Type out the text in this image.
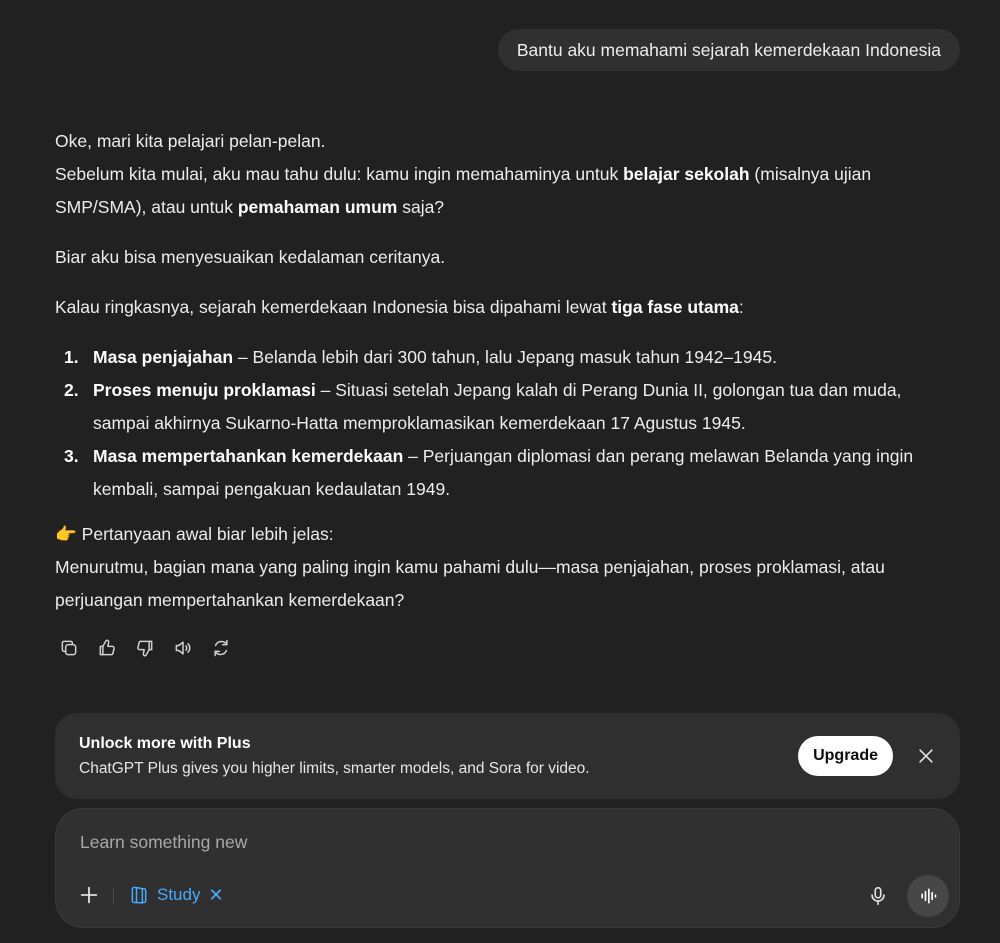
Bantu aku memahami sejarah kemerdekaan Indonesia

Oke, mari kita pelajari pelan-pelan.

Sebelum kita mulai, aku mau tahu dulu: kamu ingin memahaminya untuk belajar sekolah (misalnya ujian SMP/SMA), atau untuk pemahaman umum saja?

Biar aku bisa menyesuaikan kedalaman ceritanya.

Kalau ringkasnya, sejarah kemerdekaan Indonesia bisa dipahami lewat tiga fase utama:

1. Masa penjajahan – Belanda lebih dari 300 tahun, lalu Jepang masuk tahun 1942–1945.
2. Proses menuju proklamasi – Situasi setelah Jepang kalah di Perang Dunia II, golongan tua dan muda, sampai akhirnya Sukarno-Hatta memproklamasikan kemerdekaan 17 Agustus 1945.
3. Masa mempertahankan kemerdekaan – Perjuangan diplomasi dan perang melawan Belanda yang ingin kembali, sampai pengakuan kedaulatan 1949.

👉 Pertanyaan awal biar lebih jelas:

Menurutmu, bagian mana yang paling ingin kamu pahami dulu—masa penjajahan, proses proklamasi, atau perjuangan mempertahankan kemerdekaan?

Unlock more with Plus
ChatGPT Plus gives you higher limits, smarter models, and Sora for video.
Upgrade
Learn something new
Study ✕
